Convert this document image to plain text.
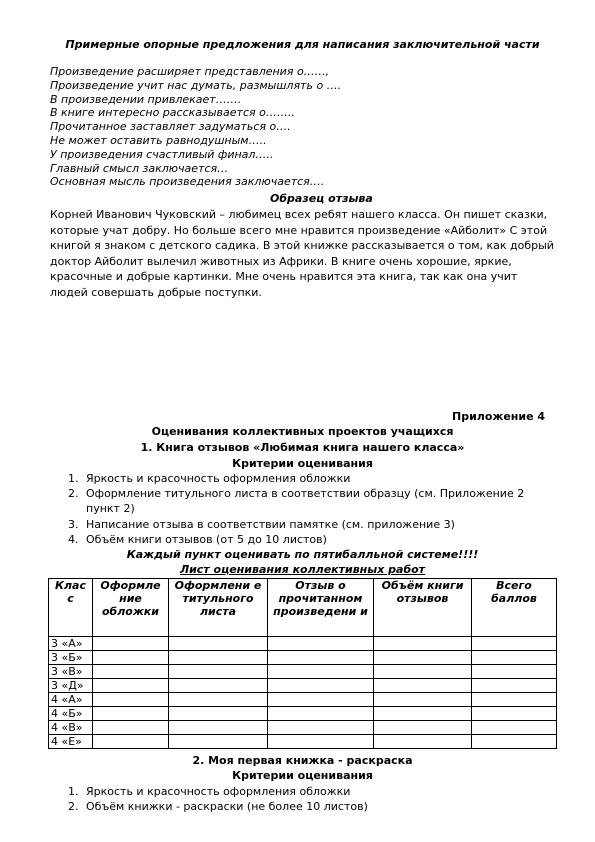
Примерные опорные предложения для написания заключительной части
Произведение расширяет представления о……,
Произведение учит нас думать, размышлять о ….
В произведении привлекает…….
В книге интересно рассказывается о……..
Прочитанное заставляет задуматься о….
Не может оставить равнодушным…..
У произведения счастливый финал…..
Главный смысл заключается…
Основная мысль произведения заключается….
Образец отзыва
Корней Иванович Чуковский – любимец всех ребят нашего класса. Он пишет сказки, которые учат добру. Но больше всего мне нравится произведение «Айболит» С этой книгой я знаком с детского садика. В этой книжке рассказывается о том, как добрый доктор Айболит вылечил животных из Африки. В книге очень хорошие, яркие, красочные и добрые картинки. Мне очень нравится эта книга, так как она учит людей совершать добрые поступки.
Приложение 4
Оценивания коллективных проектов учащихся
1. Книга отзывов «Любимая книга нашего класса»
Критерии оценивания
1. Яркость и красочность оформления обложки
2. Оформление титульного листа в соответствии образцу (см. Приложение 2 пункт 2)
3. Написание отзыва в соответствии памятке (см. приложение 3)
4. Объём книги отзывов (от 5 до 10 листов)
Каждый пункт оценивать по пятибалльной системе!!!!
Лист оценивания коллективных работ
Клас с	Оформле ние обложки	Оформлени е титульного листа	Отзыв о прочитанном произведени и	Объём книги отзывов	Всего баллов
3 «А»					
3 «Б»					
3 «В»					
3 «Д»					
4 «А»					
4 «Б»					
4 «В»					
4 «Е»					
2. Моя первая книжка - раскраска
Критерии оценивания
1. Яркость и красочность оформления обложки
2. Объём книжки - раскраски (не более 10 листов)
